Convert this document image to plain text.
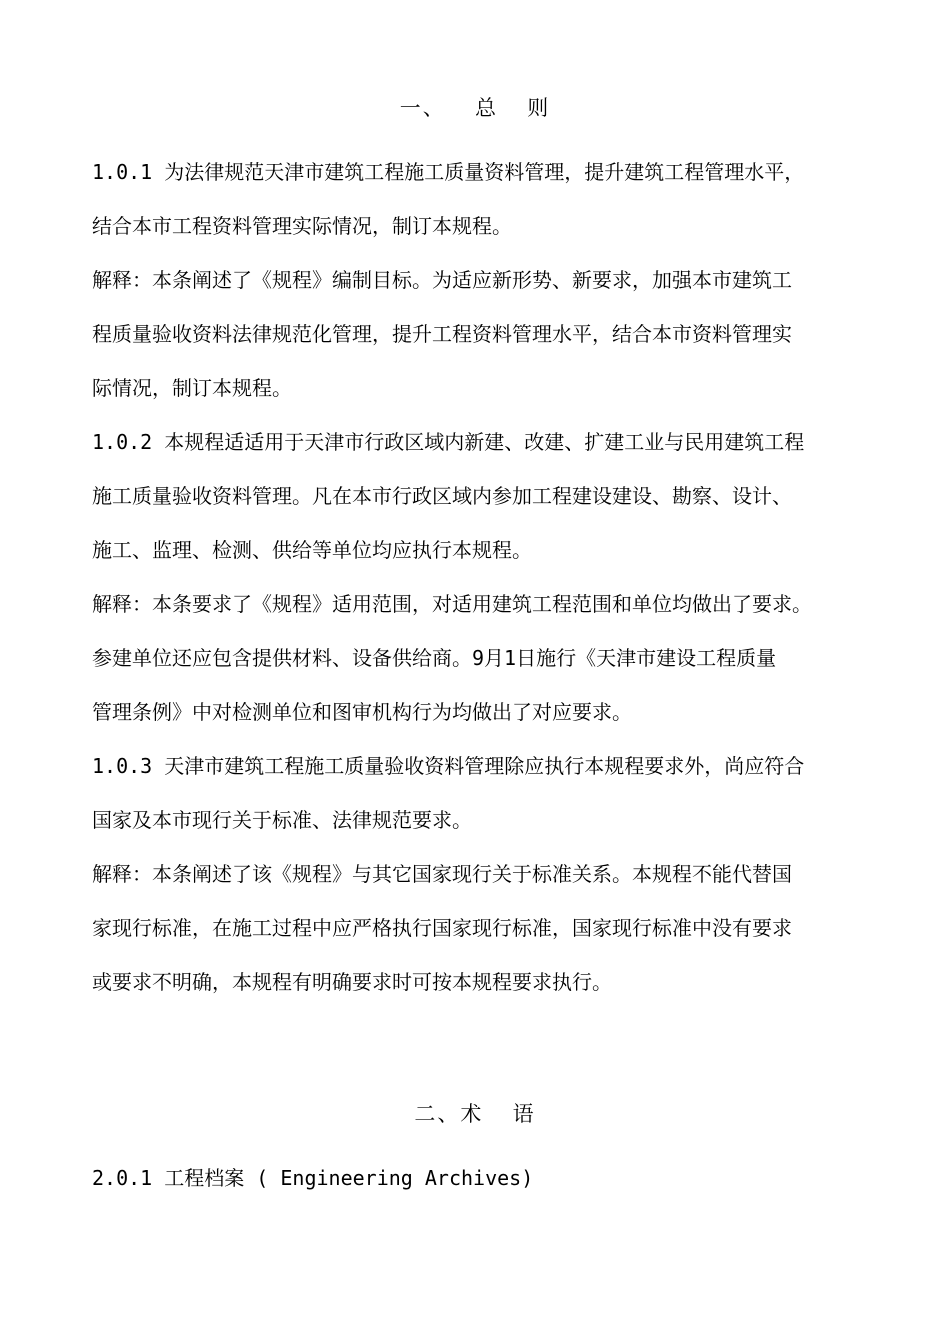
一、  总  则
1.0.1 为法律规范天津市建筑工程施工质量资料管理，提升建筑工程管理水平，
结合本市工程资料管理实际情况，制订本规程。
解释：本条阐述了《规程》编制目标。为适应新形势、新要求，加强本市建筑工
程质量验收资料法律规范化管理，提升工程资料管理水平，结合本市资料管理实
际情况，制订本规程。
1.0.2 本规程适适用于天津市行政区域内新建、改建、扩建工业与民用建筑工程
施工质量验收资料管理。凡在本市行政区域内参加工程建设建设、勘察、设计、
施工、监理、检测、供给等单位均应执行本规程。
解释：本条要求了《规程》适用范围，对适用建筑工程范围和单位均做出了要求。
参建单位还应包含提供材料、设备供给商。9月1日施行《天津市建设工程质量
管理条例》中对检测单位和图审机构行为均做出了对应要求。
1.0.3 天津市建筑工程施工质量验收资料管理除应执行本规程要求外，尚应符合
国家及本市现行关于标准、法律规范要求。
解释：本条阐述了该《规程》与其它国家现行关于标准关系。本规程不能代替国
家现行标准，在施工过程中应严格执行国家现行标准，国家现行标准中没有要求
或要求不明确，本规程有明确要求时可按本规程要求执行。
二、术  语
2.0.1 工程档案 ( Engineering Archives)
